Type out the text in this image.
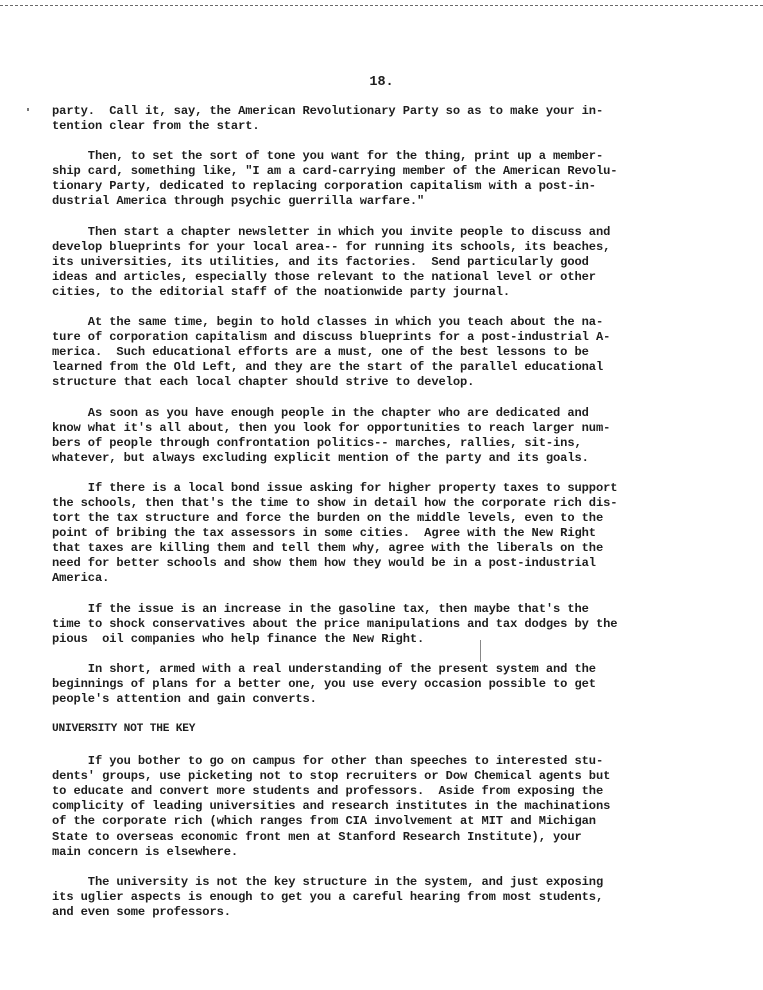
18.

party.  Call it, say, the American Revolutionary Party so as to make your in-
tention clear from the start.

Then, to set the sort of tone you want for the thing, print up a member-
ship card, something like, "I am a card-carrying member of the American Revolu-
tionary Party, dedicated to replacing corporation capitalism with a post-in-
dustrial America through psychic guerrilla warfare."

Then start a chapter newsletter in which you invite people to discuss and
develop blueprints for your local area-- for running its schools, its beaches,
its universities, its utilities, and its factories.  Send particularly good
ideas and articles, especially those relevant to the national level or other
cities, to the editorial staff of the noationwide party journal.

At the same time, begin to hold classes in which you teach about the na-
ture of corporation capitalism and discuss blueprints for a post-industrial A-
merica.  Such educational efforts are a must, one of the best lessons to be
learned from the Old Left, and they are the start of the parallel educational
structure that each local chapter should strive to develop.

As soon as you have enough people in the chapter who are dedicated and
know what it's all about, then you look for opportunities to reach larger num-
bers of people through confrontation politics-- marches, rallies, sit-ins,
whatever, but always excluding explicit mention of the party and its goals.

If there is a local bond issue asking for higher property taxes to support
the schools, then that's the time to show in detail how the corporate rich dis-
tort the tax structure and force the burden on the middle levels, even to the
point of bribing the tax assessors in some cities.  Agree with the New Right
that taxes are killing them and tell them why, agree with the liberals on the
need for better schools and show them how they would be in a post-industrial
America.

If the issue is an increase in the gasoline tax, then maybe that's the
time to shock conservatives about the price manipulations and tax dodges by the
pious  oil companies who help finance the New Right.

In short, armed with a real understanding of the present system and the
beginnings of plans for a better one, you use every occasion possible to get
people's attention and gain converts.

UNIVERSITY NOT THE KEY

If you bother to go on campus for other than speeches to interested stu-
dents' groups, use picketing not to stop recruiters or Dow Chemical agents but
to educate and convert more students and professors.  Aside from exposing the
complicity of leading universities and research institutes in the machinations
of the corporate rich (which ranges from CIA involvement at MIT and Michigan
State to overseas economic front men at Stanford Research Institute), your
main concern is elsewhere.

The university is not the key structure in the system, and just exposing
its uglier aspects is enough to get you a careful hearing from most students,
and even some professors.
